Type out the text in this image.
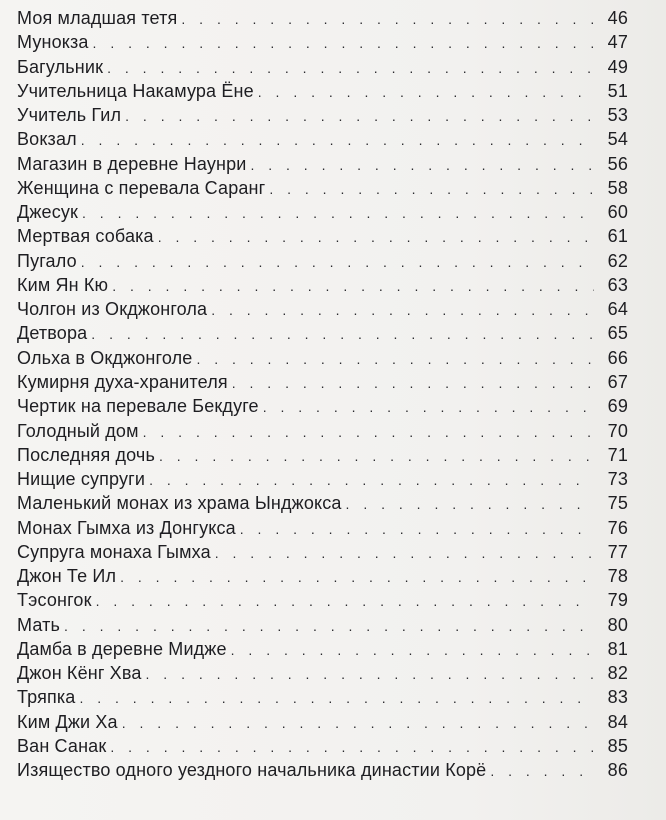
Моя младшая тетя . . .	46
Мунокза . . .	47
Багульник . . .	49
Учительница Накамура Ёне . . .	51
Учитель Гил . . .	53
Вокзал . . .	54
Магазин в деревне Наунри . . .	56
Женщина с перевала Саранг . . .	58
Джесук . . .	60
Мертвая собака . . .	61
Пугало . . .	62
Ким Ян Кю . . .	63
Чолгон из Окджонгола . . .	64
Детвора . . .	65
Ольха в Окджонголе . . .	66
Кумирня духа-хранителя . . .	67
Чертик на перевале Бекдуге . . .	69
Голодный дом . . .	70
Последняя дочь . . .	71
Нищие супруги . . .	73
Маленький монах из храма Ынджокса . . .	75
Монах Гымха из Донгукса . . .	76
Супруга монаха Гымха . . .	77
Джон Те Ил . . .	78
Тэсонгок . . .	79
Мать . . .	80
Дамба в деревне Мидже . . .	81
Джон Кёнг Хва . . .	82
Тряпка . . .	83
Ким Джи Ха . . .	84
Ван Санак . . .	85
Изящество одного уездного начальника династии Корё . . .	86
